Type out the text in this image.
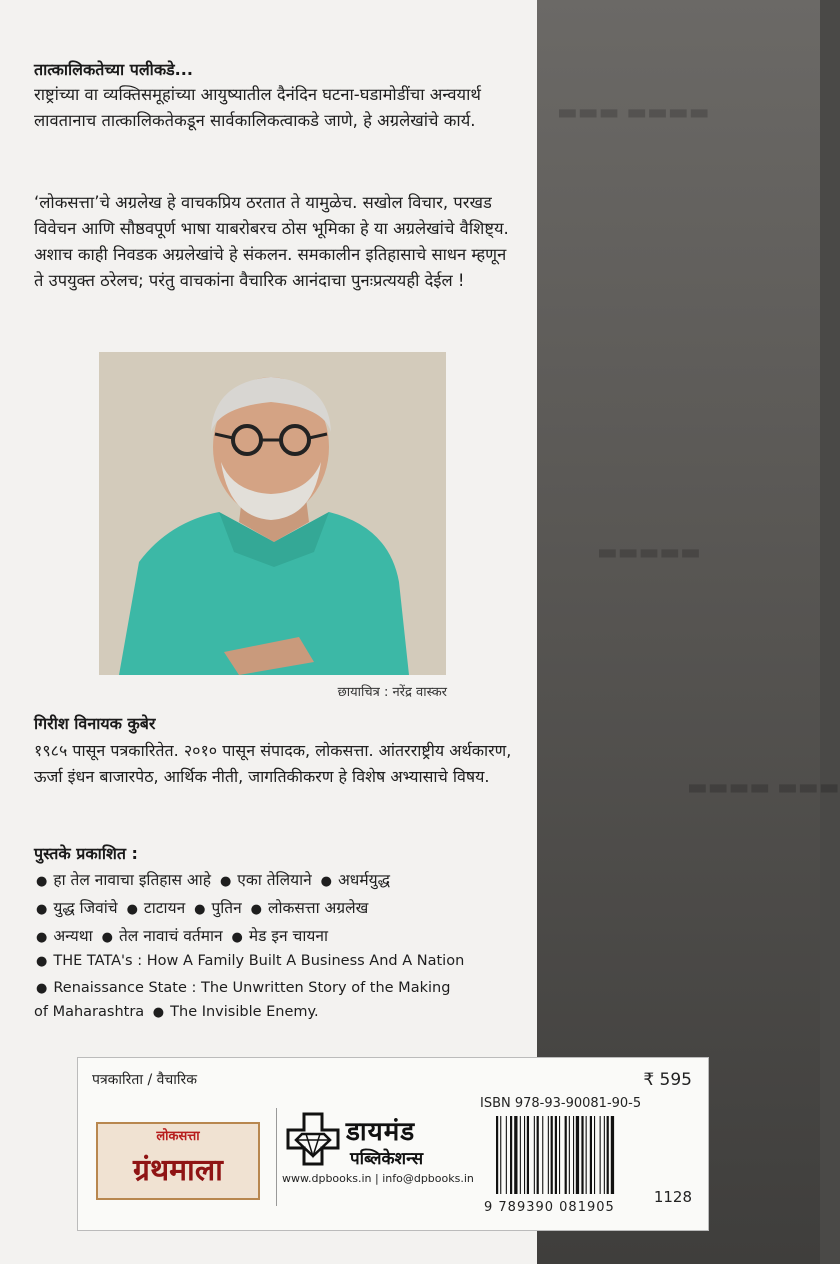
▬▬▬ ▬▬▬▬
▬▬▬▬▬
▬▬▬▬ ▬▬▬
तात्कालिकतेच्या पलीकडे...
राष्ट्रांच्या वा व्यक्तिसमूहांच्या आयुष्यातील दैनंदिन घटना-घडामोडींचा अन्वयार्थ लावतानाच तात्कालिकतेकडून सार्वकालिकत्वाकडे जाणे, हे अग्रलेखांचे कार्य.
‘लोकसत्ता’चे अग्रलेख हे वाचकप्रिय ठरतात ते यामुळेच. सखोल विचार, परखड विवेचन आणि सौष्ठवपूर्ण भाषा याबरोबरच ठोस भूमिका हे या अग्रलेखांचे वैशिष्ट्य. अशाच काही निवडक अग्रलेखांचे हे संकलन. समकालीन इतिहासाचे साधन म्हणून ते उपयुक्त ठरेलच; परंतु वाचकांना वैचारिक आनंदाचा पुनःप्रत्ययही देईल !
छायाचित्र : नरेंद्र वास्कर
गिरीश विनायक कुबेर
१९८५ पासून पत्रकारितेत. २०१० पासून संपादक, लोकसत्ता. आंतरराष्ट्रीय अर्थकारण, ऊर्जा इंधन बाजारपेठ, आर्थिक नीती, जागतिकीकरण हे विशेष अभ्यासाचे विषय.
पुस्तके प्रकाशित :
● हा तेल नावाचा इतिहास आहे ● एका तेलियाने ● अधर्मयुद्ध
● युद्ध जिवांचे ● टाटायन ● पुतिन ● लोकसत्ता अग्रलेख
● अन्यथा ● तेल नावाचं वर्तमान ● मेड इन चायना
● THE TATA's : How A Family Built A Business And A Nation
● Renaissance State : The Unwritten Story of the Making
of Maharashtra ● The Invisible Enemy.
पत्रकारिता / वैचारिक	₹ 595
लोकसत्ता
ग्रंथमाला
डायमंड
पब्लिकेशन्स
www.dpbooks.in | info@dpbooks.in
ISBN 978-93-90081-90-5
9 789390 081905
1128
